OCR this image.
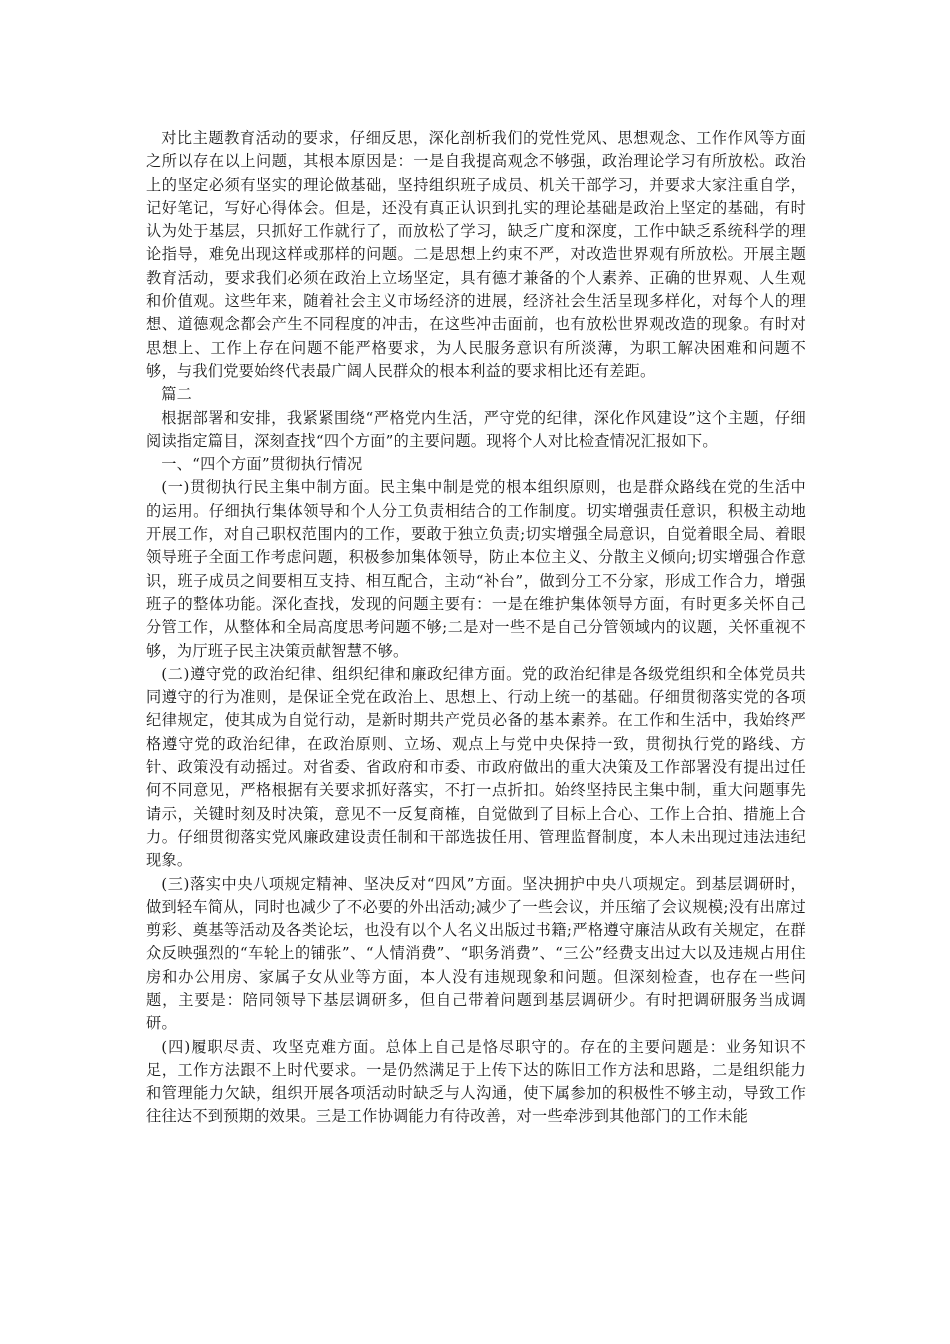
对比主题教育活动的要求，仔细反思，深化剖析我们的党性党风、思想观念、工作作风等方面之所以存在以上问题，其根本原因是：一是自我提高观念不够强，政治理论学习有所放松。政治上的坚定必须有坚实的理论做基础，坚持组织班子成员、机关干部学习，并要求大家注重自学，记好笔记，写好心得体会。但是，还没有真正认识到扎实的理论基础是政治上坚定的基础，有时认为处于基层，只抓好工作就行了，而放松了学习，缺乏广度和深度，工作中缺乏系统科学的理论指导，难免出现这样或那样的问题。二是思想上约束不严，对改造世界观有所放松。开展主题教育活动，要求我们必须在政治上立场坚定，具有德才兼备的个人素养、正确的世界观、人生观和价值观。这些年来，随着社会主义市场经济的进展，经济社会生活呈现多样化，对每个人的理想、道德观念都会产生不同程度的冲击，在这些冲击面前，也有放松世界观改造的现象。有时对思想上、工作上存在问题不能严格要求，为人民服务意识有所淡薄，为职工解决困难和问题不够，与我们党要始终代表最广阔人民群众的根本利益的要求相比还有差距。

篇二

根据部署和安排，我紧紧围绕“严格党内生活，严守党的纪律，深化作风建设”这个主题，仔细阅读指定篇目，深刻查找“四个方面”的主要问题。现将个人对比检查情况汇报如下。

一、“四个方面”贯彻执行情况

(一)贯彻执行民主集中制方面。民主集中制是党的根本组织原则，也是群众路线在党的生活中的运用。仔细执行集体领导和个人分工负责相结合的工作制度。切实增强责任意识，积极主动地开展工作，对自己职权范围内的工作，要敢于独立负责;切实增强全局意识，自觉着眼全局、着眼领导班子全面工作考虑问题，积极参加集体领导，防止本位主义、分散主义倾向;切实增强合作意识，班子成员之间要相互支持、相互配合，主动“补台”，做到分工不分家，形成工作合力，增强班子的整体功能。深化查找，发现的问题主要有：一是在维护集体领导方面，有时更多关怀自己分管工作，从整体和全局高度思考问题不够;二是对一些不是自己分管领域内的议题，关怀重视不够，为厅班子民主决策贡献智慧不够。

(二)遵守党的政治纪律、组织纪律和廉政纪律方面。党的政治纪律是各级党组织和全体党员共同遵守的行为准则，是保证全党在政治上、思想上、行动上统一的基础。仔细贯彻落实党的各项纪律规定，使其成为自觉行动，是新时期共产党员必备的基本素养。在工作和生活中，我始终严格遵守党的政治纪律，在政治原则、立场、观点上与党中央保持一致，贯彻执行党的路线、方针、政策没有动摇过。对省委、省政府和市委、市政府做出的重大决策及工作部署没有提出过任何不同意见，严格根据有关要求抓好落实，不打一点折扣。始终坚持民主集中制，重大问题事先请示，关键时刻及时决策，意见不一反复商榷，自觉做到了目标上合心、工作上合拍、措施上合力。仔细贯彻落实党风廉政建设责任制和干部选拔任用、管理监督制度，本人未出现过违法违纪现象。

(三)落实中央八项规定精神、坚决反对“四风”方面。坚决拥护中央八项规定。到基层调研时，做到轻车简从，同时也减少了不必要的外出活动;减少了一些会议，并压缩了会议规模;没有出席过剪彩、奠基等活动及各类论坛，也没有以个人名义出版过书籍;严格遵守廉洁从政有关规定，在群众反映强烈的“车轮上的铺张”、“人情消费”、“职务消费”、“三公”经费支出过大以及违规占用住房和办公用房、家属子女从业等方面，本人没有违规现象和问题。但深刻检查，也存在一些问题，主要是：陪同领导下基层调研多，但自己带着问题到基层调研少。有时把调研服务当成调研。

(四)履职尽责、攻坚克难方面。总体上自己是恪尽职守的。存在的主要问题是：业务知识不足，工作方法跟不上时代要求。一是仍然满足于上传下达的陈旧工作方法和思路，二是组织能力和管理能力欠缺，组织开展各项活动时缺乏与人沟通，使下属参加的积极性不够主动，导致工作往往达不到预期的效果。三是工作协调能力有待改善，对一些牵涉到其他部门的工作未能
